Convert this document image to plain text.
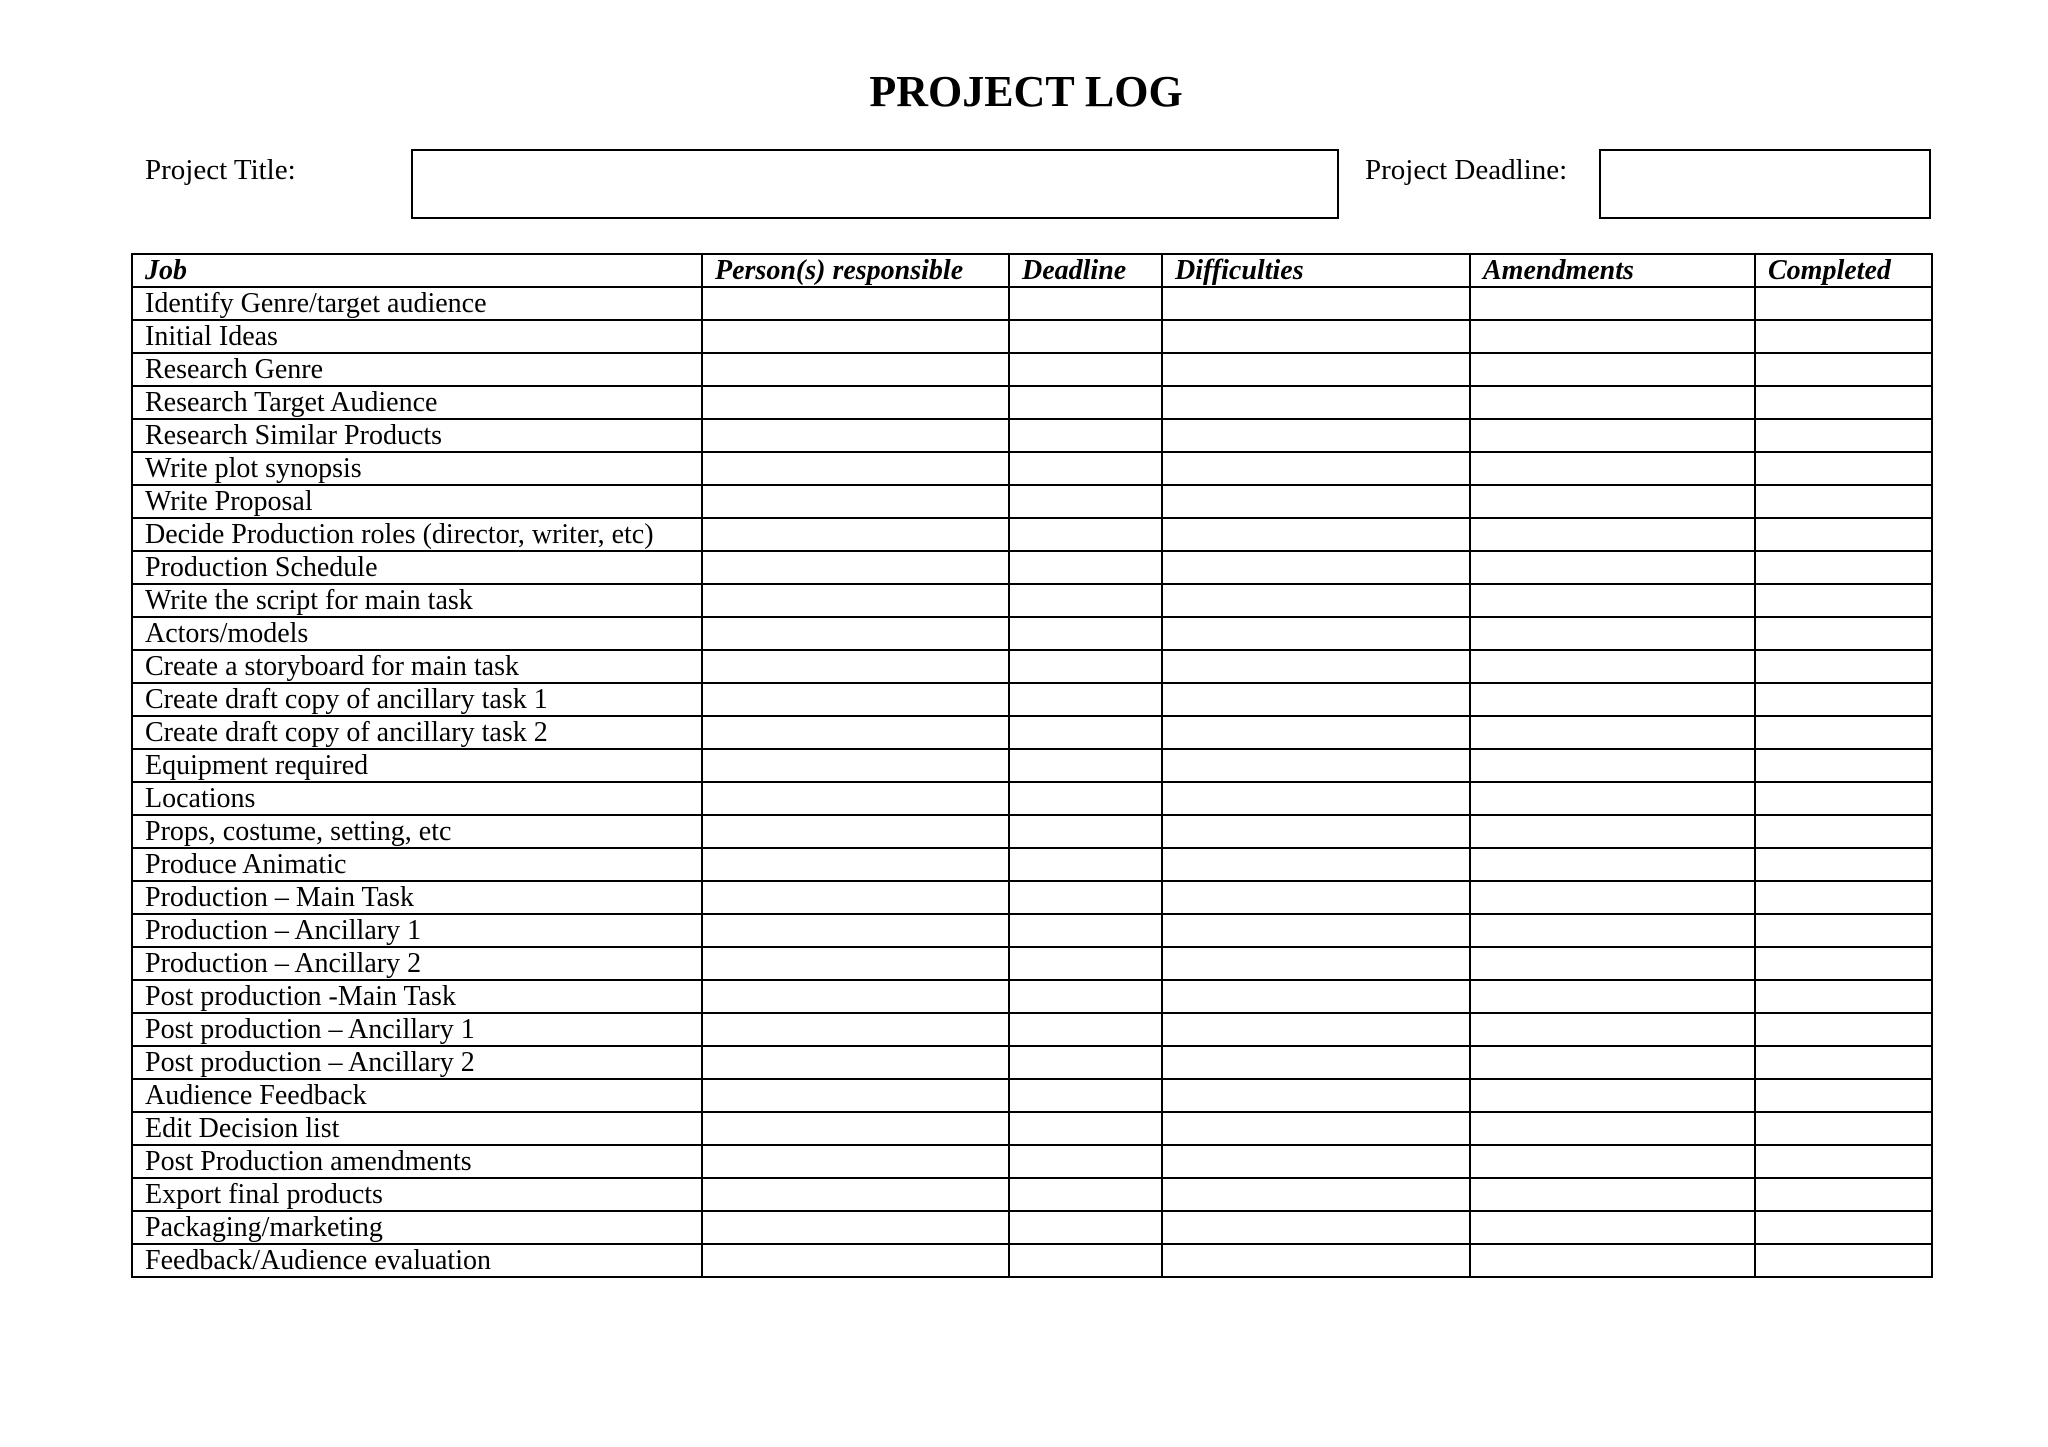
PROJECT LOG
Project Title:	Project Deadline:
Job	Person(s) responsible	Deadline	Difficulties	Amendments	Completed
Identify Genre/target audience					
Initial Ideas					
Research Genre					
Research Target Audience					
Research Similar Products					
Write plot synopsis					
Write Proposal					
Decide Production roles (director, writer, etc)					
Production Schedule					
Write the script for main task					
Actors/models					
Create a storyboard for main task					
Create draft copy of ancillary task 1					
Create draft copy of ancillary task 2					
Equipment required					
Locations					
Props, costume, setting, etc					
Produce Animatic					
Production – Main Task					
Production – Ancillary 1					
Production – Ancillary 2					
Post production -Main Task					
Post production – Ancillary 1					
Post production – Ancillary 2					
Audience Feedback					
Edit Decision list					
Post Production amendments					
Export final products					
Packaging/marketing					
Feedback/Audience evaluation					
